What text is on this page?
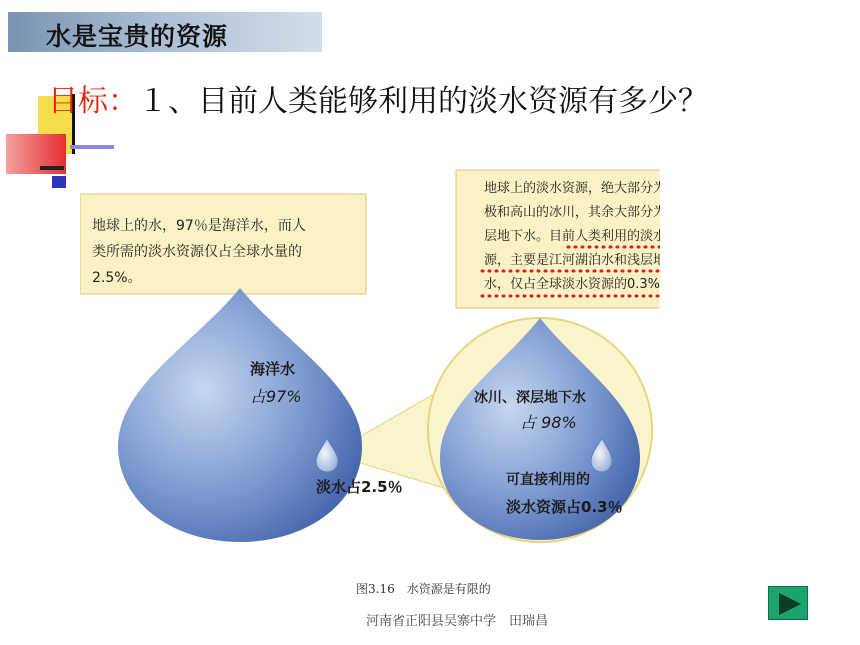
水是宝贵的资源
目标：１、目前人类能够利用的淡水资源有多少？
地球上的水，97％是海洋水，而人
类所需的淡水资源仅占全球水量的
2.5%。
地球上的淡水资源，绝大部分为两
极和高山的冰川，其余大部分为深
层地下水。目前人类利用的淡水资
源，主要是江河湖泊水和浅层地下
水，仅占全球淡水资源的0.3%。
海洋水
占97%
淡水占2.5％
冰川、深层地下水
占 98%
可直接利用的
淡水资源占0.3％
图3.16　水资源是有限的
河南省正阳县吴寨中学　田瑞昌
